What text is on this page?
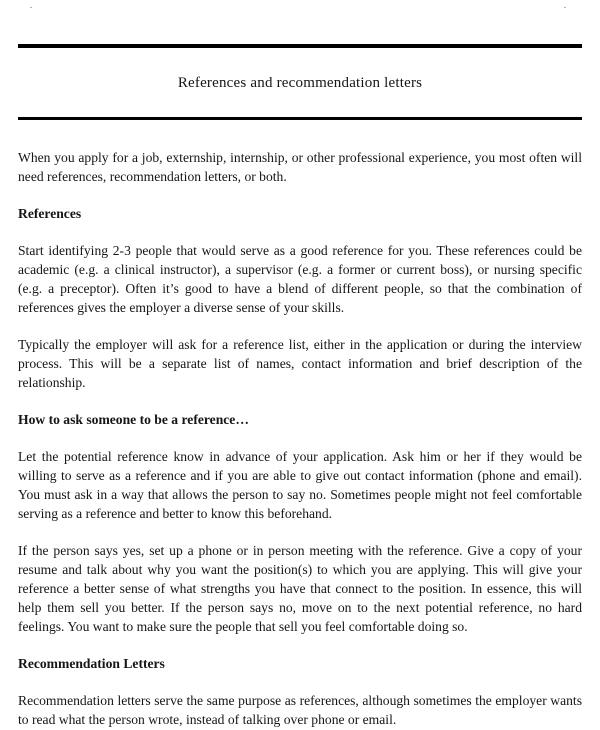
.	.
References and recommendation letters

When you apply for a job, externship, internship, or other professional experience, you most often will need references, recommendation letters, or both.

References

Start identifying 2-3 people that would serve as a good reference for you. These references could be academic (e.g. a clinical instructor), a supervisor (e.g. a former or current boss), or nursing specific (e.g. a preceptor). Often it’s good to have a blend of different people, so that the combination of references gives the employer a diverse sense of your skills.

Typically the employer will ask for a reference list, either in the application or during the interview process. This will be a separate list of names, contact information and brief description of the relationship.

How to ask someone to be a reference…

Let the potential reference know in advance of your application. Ask him or her if they would be willing to serve as a reference and if you are able to give out contact information (phone and email). You must ask in a way that allows the person to say no. Sometimes people might not feel comfortable serving as a reference and better to know this beforehand.

If the person says yes, set up a phone or in person meeting with the reference. Give a copy of your resume and talk about why you want the position(s) to which you are applying. This will give your reference a better sense of what strengths you have that connect to the position. In essence, this will help them sell you better. If the person says no, move on to the next potential reference, no hard feelings. You want to make sure the people that sell you feel comfortable doing so.

Recommendation Letters

Recommendation letters serve the same purpose as references, although sometimes the employer wants to read what the person wrote, instead of talking over phone or email.
